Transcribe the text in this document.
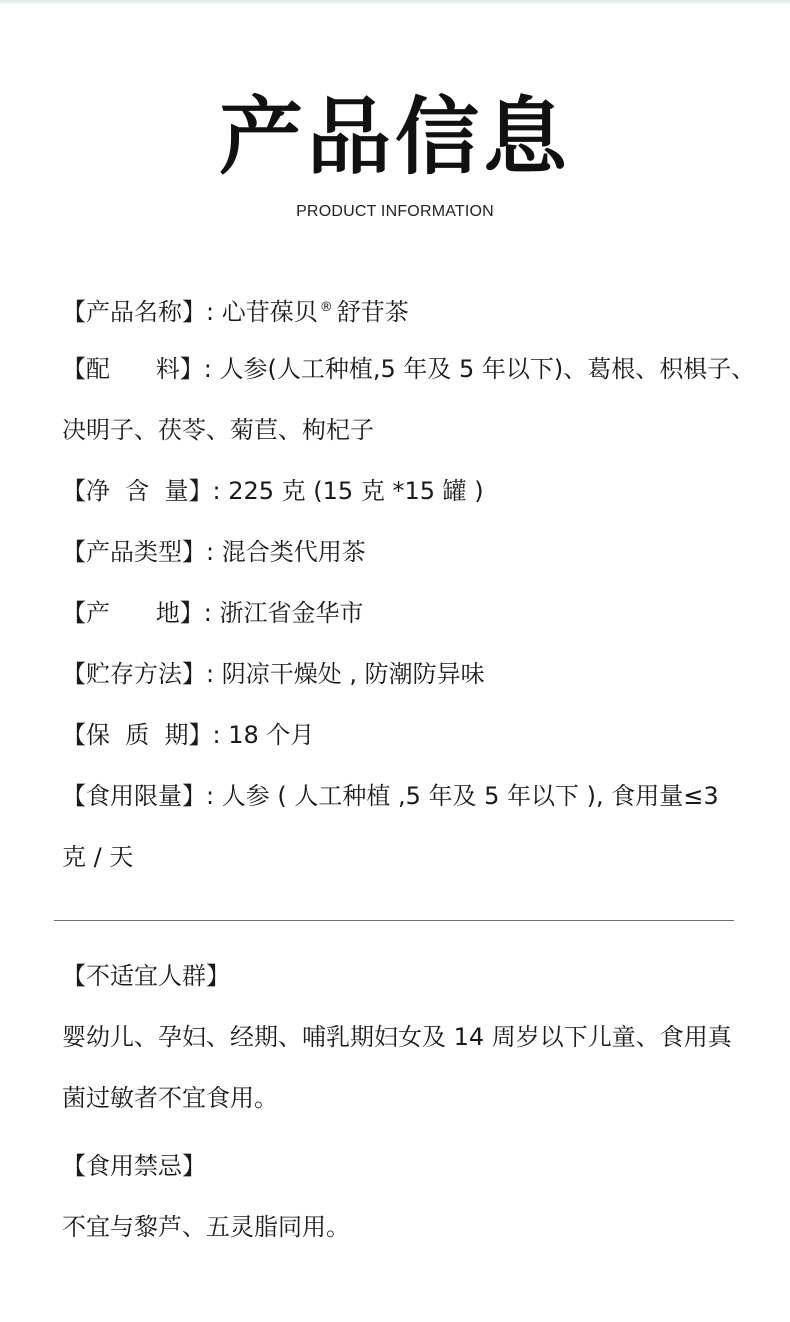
产品信息
PRODUCT INFORMATION
【产品名称】: 心苷葆贝 ® 舒苷茶
【配      料】: 人参(人工种植,5 年及 5 年以下)、葛根、枳椇子、
决明子、茯苓、菊苣、枸杞子
【净  含  量】: 225 克 (15 克 *15 罐 )
【产品类型】: 混合类代用茶
【产      地】: 浙江省金华市
【贮存方法】: 阴凉干燥处 , 防潮防异味
【保  质  期】: 18 个月
【食用限量】: 人参 ( 人工种植 ,5 年及 5 年以下 ), 食用量≤3
克 / 天
【不适宜人群】
婴幼儿、孕妇、经期、哺乳期妇女及 14 周岁以下儿童、食用真
菌过敏者不宜食用。
【食用禁忌】
不宜与黎芦、五灵脂同用。
